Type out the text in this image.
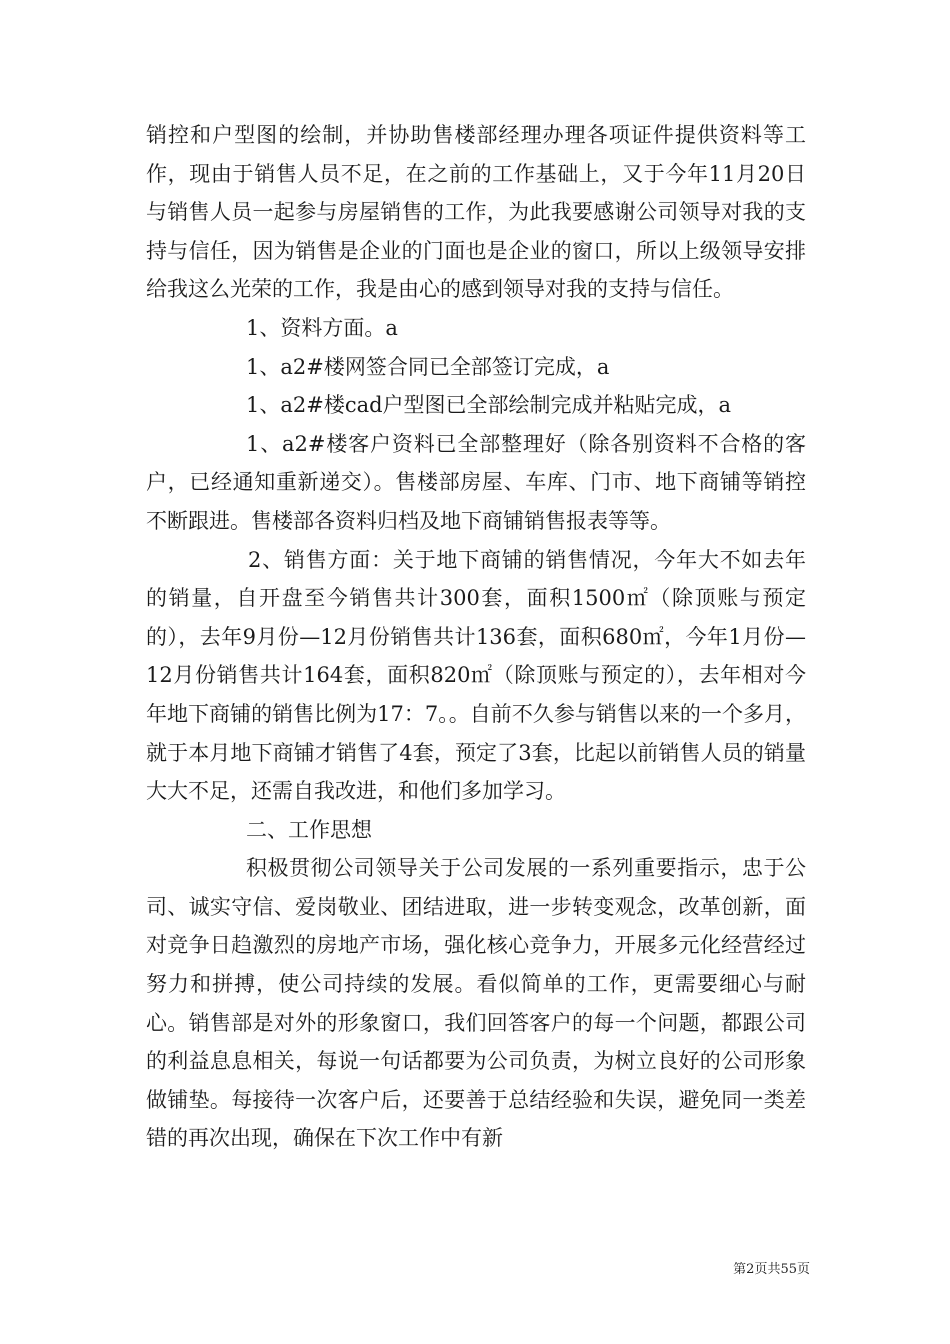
销控和户型图的绘制，并协助售楼部经理办理各项证件提供资料等工作，现由于销售人员不足，在之前的工作基础上，又于今年11月20日与销售人员一起参与房屋销售的工作，为此我要感谢公司领导对我的支持与信任，因为销售是企业的门面也是企业的窗口，所以上级领导安排给我这么光荣的工作，我是由心的感到领导对我的支持与信任。

1、资料方面。a

1、a2#楼网签合同已全部签订完成，a

1、a2#楼cad户型图已全部绘制完成并粘贴完成，a

1、a2#楼客户资料已全部整理好（除各别资料不合格的客户，已经通知重新递交）。售楼部房屋、车库、门市、地下商铺等销控不断跟进。售楼部各资料归档及地下商铺销售报表等等。

2、销售方面：关于地下商铺的销售情况，今年大不如去年的销量，自开盘至今销售共计300套，面积1500㎡（除顶账与预定的），去年9月份—12月份销售共计136套，面积680㎡，今年1月份—12月份销售共计164套，面积820㎡（除顶账与预定的），去年相对今年地下商铺的销售比例为17：7。。自前不久参与销售以来的一个多月，就于本月地下商铺才销售了4套，预定了3套，比起以前销售人员的销量大大不足，还需自我改进，和他们多加学习。

二、工作思想

积极贯彻公司领导关于公司发展的一系列重要指示，忠于公司、诚实守信、爱岗敬业、团结进取，进一步转变观念，改革创新，面对竞争日趋激烈的房地产市场，强化核心竞争力，开展多元化经营经过努力和拼搏，使公司持续的发展。看似简单的工作，更需要细心与耐心。销售部是对外的形象窗口，我们回答客户的每一个问题，都跟公司的利益息息相关，每说一句话都要为公司负责，为树立良好的公司形象做铺垫。每接待一次客户后，还要善于总结经验和失误，避免同一类差错的再次出现，确保在下次工作中有新

第2页共55页
